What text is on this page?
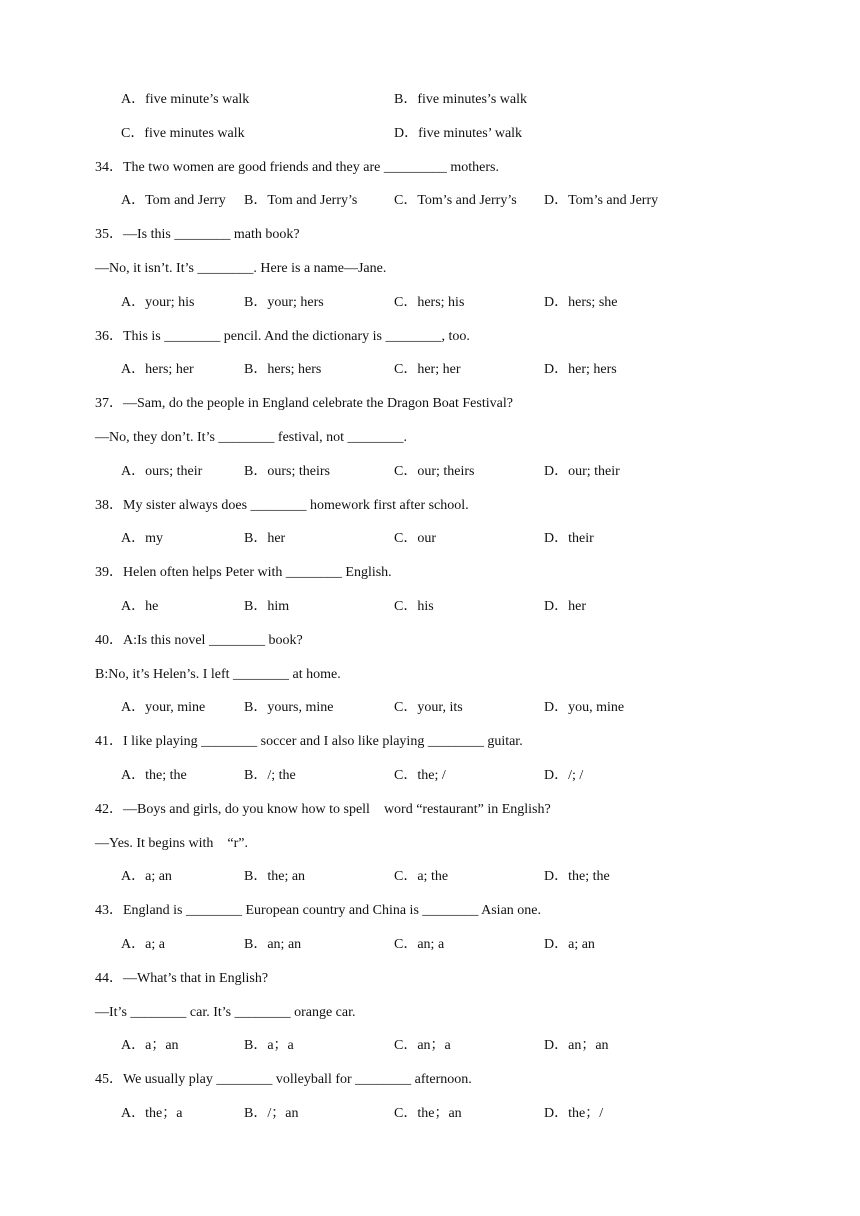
A．five minute’s walk	B．five minutes’s walk
C．five minutes walk	D．five minutes’ walk
34．The two women are good friends and they are _________ mothers.
A．Tom and Jerry B．Tom and Jerry’s	C．Tom’s and Jerry’s D．Tom’s and Jerry
35．—Is this ________ math book?
—No, it isn’t. It’s ________. Here is a name—Jane.
A．your; his	B．your; hers	C．hers; his	D．hers; she
36．This is ________ pencil. And the dictionary is ________, too.
A．hers; her	B．hers; hers	C．her; her	D．her; hers
37．—Sam, do the people in England celebrate the Dragon Boat Festival?
—No, they don’t. It’s ________ festival, not ________.
A．ours; their	B．ours; theirs	C．our; theirs	D．our; their
38．My sister always does ________ homework first after school.
A．my	B．her	C．our	D．their
39．Helen often helps Peter with ________ English.
A．he	B．him	C．his	D．her
40．A:Is this novel ________ book?
B:No, it’s Helen’s. I left ________ at home.
A．your, mine	B．yours, mine	C．your, its	D．you, mine
41．I like playing ________ soccer and I also like playing ________ guitar.
A．the; the	B．/; the	C．the; /	D．/; /
42．—Boys and girls, do you know how to spell    word “restaurant” in English?
—Yes. It begins with    “r”.
A．a; an	B．the; an	C．a; the	D．the; the
43．England is ________ European country and China is ________ Asian one.
A．a; a	B．an; an	C．an; a	D．a; an
44．—What’s that in English?
—It’s ________ car. It’s ________ orange car.
A．a；an	B．a；a	C．an；a	D．an；an
45．We usually play ________ volleyball for ________ afternoon.
A．the；a	B．/；an	C．the；an	D．the；/
